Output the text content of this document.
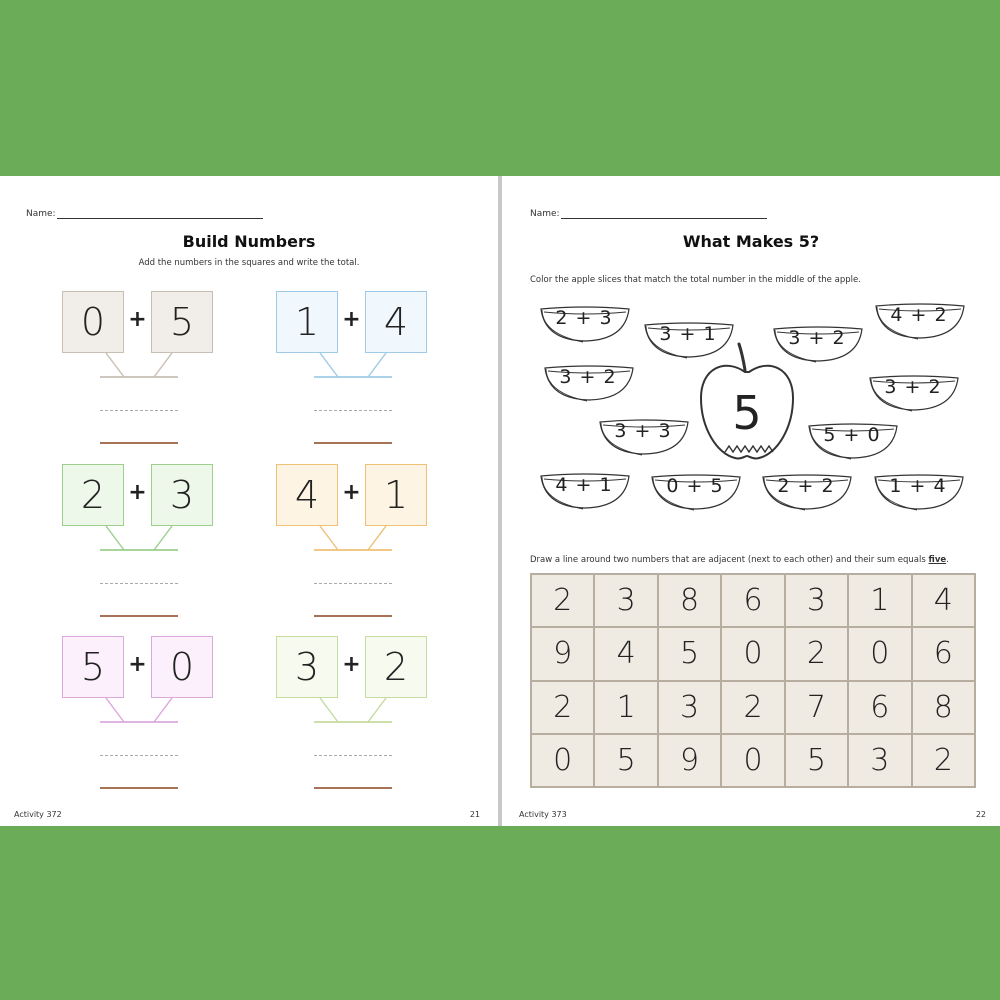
Name:
Build Numbers
Add the numbers in the squares and write the total.
0	+ 5	1	+ 4
2	+ 3	4	+ 1
5	+ 0	3	+ 2
Activity 372	21
Name:
What Makes 5?
Color the apple slices that match the total number in the middle of the apple.
2 + 3
3 + 1	3 + 2
4 + 2
3 + 2	3 + 2
3 + 3	5 + 0
4 + 1	0 + 5	2 + 2	1 + 4
5
Draw a line around two numbers that are adjacent (next to each other) and their sum equals five.
2	3	8	6	3	1	4
9	4	5	0	2	0	6
2	1	3	2	7	6	8
0	5	9	0	5	3	2
Activity 373	22
